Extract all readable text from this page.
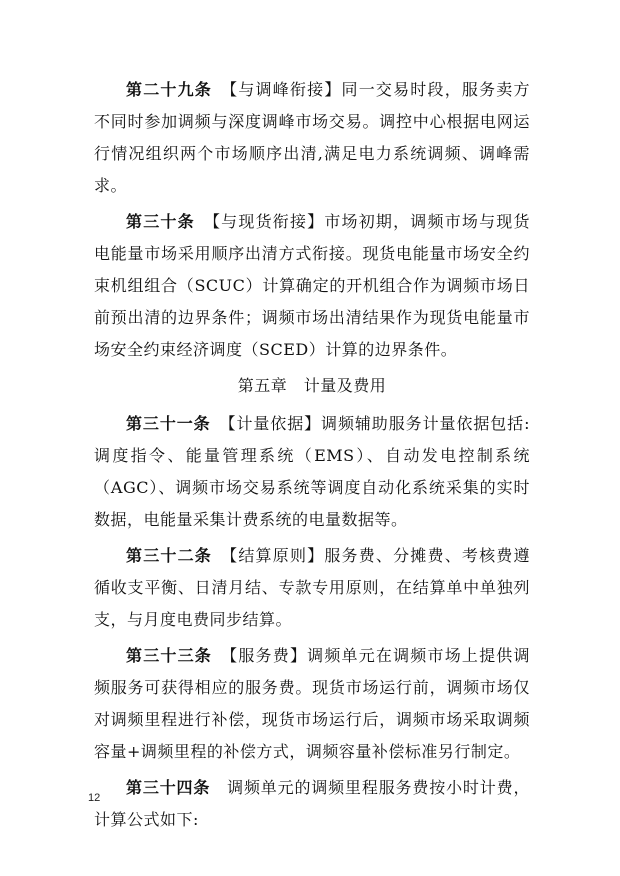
第二十九条　 【与调峰衔接】同一交易时段，服务卖方不同时参加调频与深度调峰市场交易。调控中心根据电网运行情况组织两个市场顺序出清,满足电力系统调频、调峰需求。

第三十条　 【与现货衔接】市场初期，调频市场与现货电能量市场采用顺序出清方式衔接。现货电能量市场安全约束机组组合（SCUC）计算确定的开机组合作为调频市场日前预出清的边界条件；调频市场出清结果作为现货电能量市场安全约束经济调度（SCED）计算的边界条件。

第五章　计量及费用

第三十一条　 【计量依据】调频辅助服务计量依据包括:调度指令、能量管理系统（EMS）、自动发电控制系统（AGC）、调频市场交易系统等调度自动化系统采集的实时数据，电能量采集计费系统的电量数据等。

第三十二条　 【结算原则】服务费、分摊费、考核费遵循收支平衡、日清月结、专款专用原则，在结算单中单独列支，与月度电费同步结算。

第三十三条　 【服务费】调频单元在调频市场上提供调频服务可获得相应的服务费。现货市场运行前，调频市场仅对调频里程进行补偿，现货市场运行后，调频市场采取调频容量+调频里程的补偿方式，调频容量补偿标准另行制定。

第三十四条　 调频单元的调频里程服务费按小时计费，计算公式如下:

12
